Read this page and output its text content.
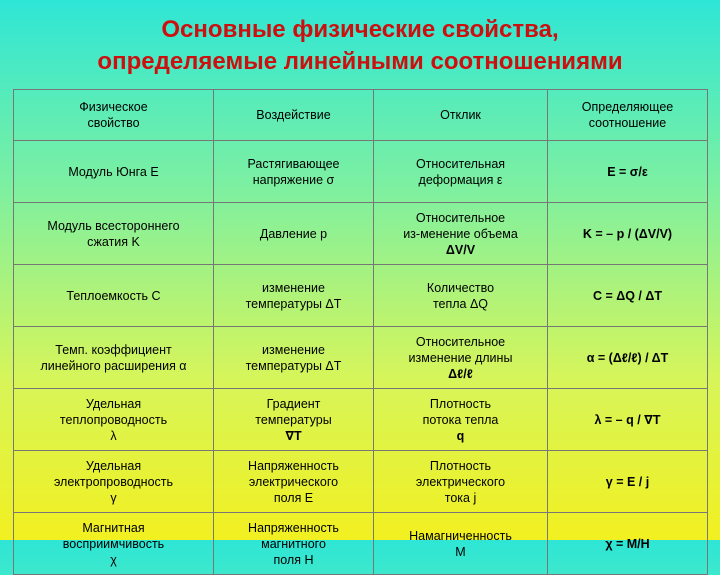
Основные физические свойства,
определяемые линейными соотношениями
Физическое
свойство	Воздействие	Отклик	Определяющее
соотношение

Модуль Юнга E	Растягивающее
напряжение σ	Относительная
деформация ε	E = σ/ε

Модуль всестороннего
сжатия K	Давление p	Относительное
из-менение объема
ΔV/V	K = – p / (ΔV/V)

Теплоемкость C	изменение
температуры ΔT	Количество
тепла ΔQ	C = ΔQ / ΔT

Темп. коэффициент
линейного расширения α	изменение
температуры ΔT	Относительное
изменение длины
Δℓ/ℓ	α = (Δℓ/ℓ) / ΔT

Удельная
теплопроводность
λ	Градиент
температуры
∇T	Плотность
потока тепла
q	λ = – q / ∇T

Удельная
электропроводность
γ	Напряженность
электрического
поля E	Плотность
электрического
тока j	γ = E / j

Магнитная
восприимчивость
χ	Напряженность
магнитного
поля H	Намагниченность
M	χ = M/H
